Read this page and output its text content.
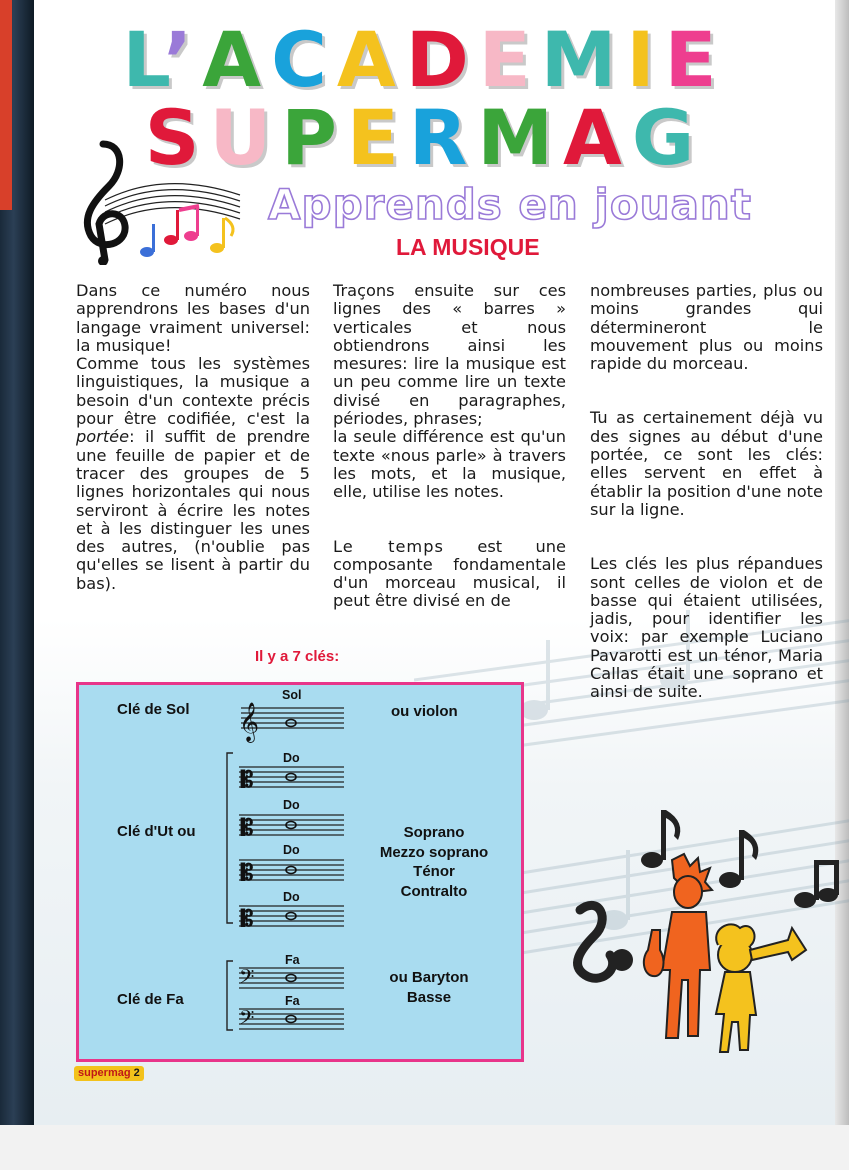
L’ACADEMIE
SUPERMAG
Apprends en jouant
LA MUSIQUE

Dans ce numéro nous apprendrons les bases d'un langage vraiment universel: la musique!

Comme tous les systèmes linguistiques, la musique a besoin d'un contexte précis pour être codifiée, c'est la portée: il suffit de prendre une feuille de papier et de tracer des groupes de 5 lignes horizontales qui nous serviront à écrire les notes et à les distinguer les unes des autres, (n'oublie pas qu'elles se lisent à partir du bas).

Traçons ensuite sur ces lignes des « barres » verticales et nous obtiendrons ainsi les mesures: lire la musique est un peu comme lire un texte divisé en paragraphes, périodes, phrases;

la seule différence est qu'un texte «nous parle» à travers les mots, et la musique, elle, utilise les notes.

Le temps est une composante fondamentale d'un morceau musical, il peut être divisé en de

nombreuses parties, plus ou moins grandes qui détermineront le mouvement plus ou moins rapide du morceau.

Tu as certainement déjà vu des signes au début d'une portée, ce sont les clés: elles servent en effet à établir la position d'une note sur la ligne.

Les clés les plus répandues sont celles de violon et de basse qui étaient utilisées, jadis, pour identifier les voix: par exemple Luciano Pavarotti est un ténor, Maria Callas était une soprano et ainsi de suite.

Il y a 7 clés:
𝄞
𝄡
𝄡
𝄡
𝄡
𝄢
𝄢
Clé de Sol
Sol
ou violon
Clé d'Ut ou
Do
Do
Do
Do
Soprano
Mezzo soprano
Ténor
Contralto
Clé de Fa
Fa
Fa
ou Baryton
Basse
supermag 2
